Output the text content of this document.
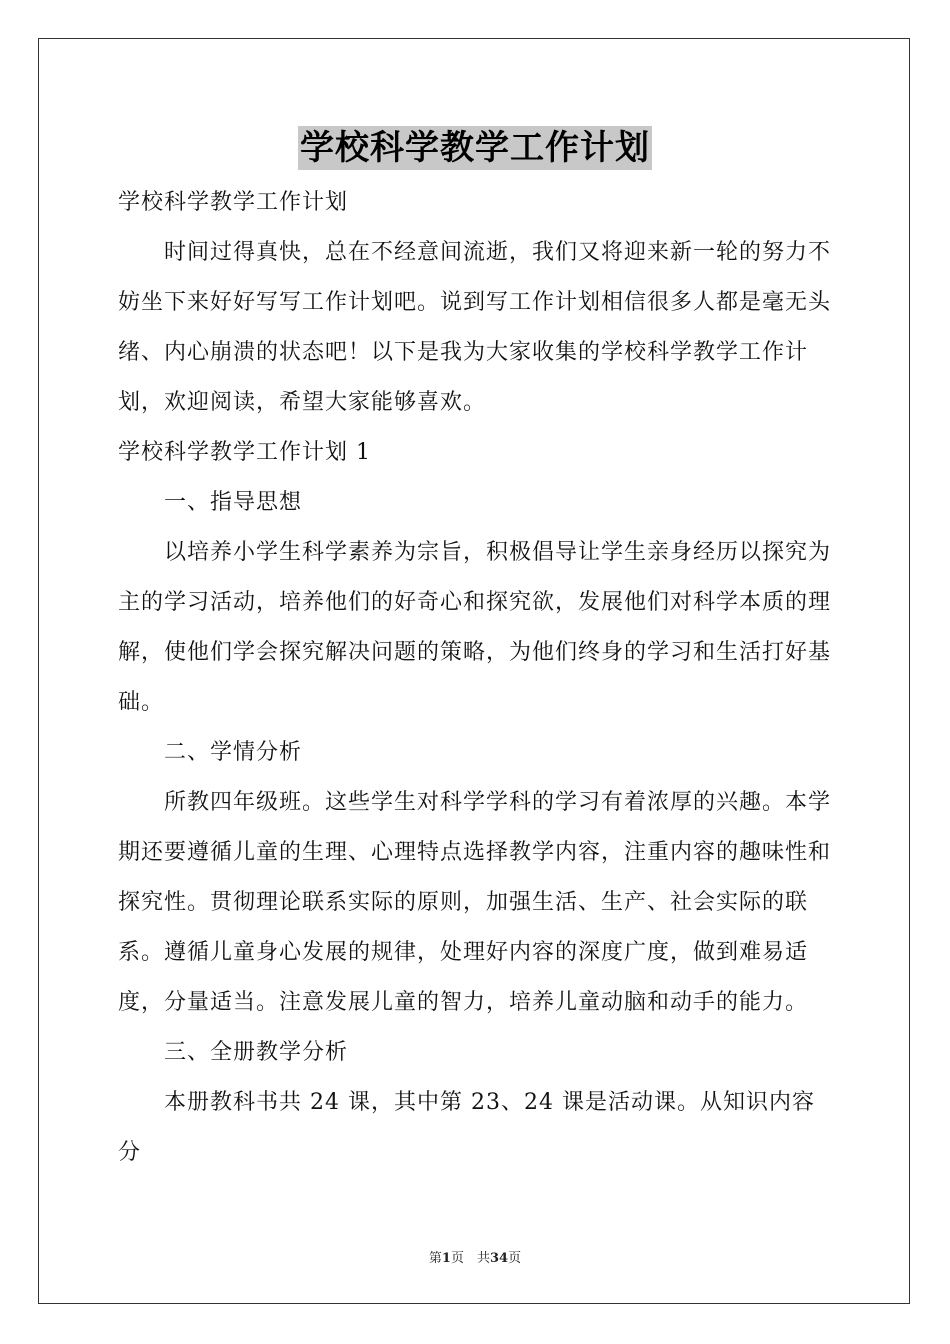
学校科学教学工作计划

学校科学教学工作计划

时间过得真快，总在不经意间流逝，我们又将迎来新一轮的努力不妨坐下来好好写写工作计划吧。说到写工作计划相信很多人都是毫无头绪、内心崩溃的状态吧！以下是我为大家收集的学校科学教学工作计划，欢迎阅读，希望大家能够喜欢。

学校科学教学工作计划 1

一、指导思想

以培养小学生科学素养为宗旨，积极倡导让学生亲身经历以探究为主的学习活动，培养他们的好奇心和探究欲，发展他们对科学本质的理解，使他们学会探究解决问题的策略，为他们终身的学习和生活打好基础。

二、学情分析

所教四年级班。这些学生对科学学科的学习有着浓厚的兴趣。本学期还要遵循儿童的生理、心理特点选择教学内容，注重内容的趣味性和探究性。贯彻理论联系实际的原则，加强生活、生产、社会实际的联系。遵循儿童身心发展的规律，处理好内容的深度广度，做到难易适度，分量适当。注意发展儿童的智力，培养儿童动脑和动手的能力。

三、全册教学分析

本册教科书共 24 课，其中第 23、24 课是活动课。从知识内容分

第1页　共34页
